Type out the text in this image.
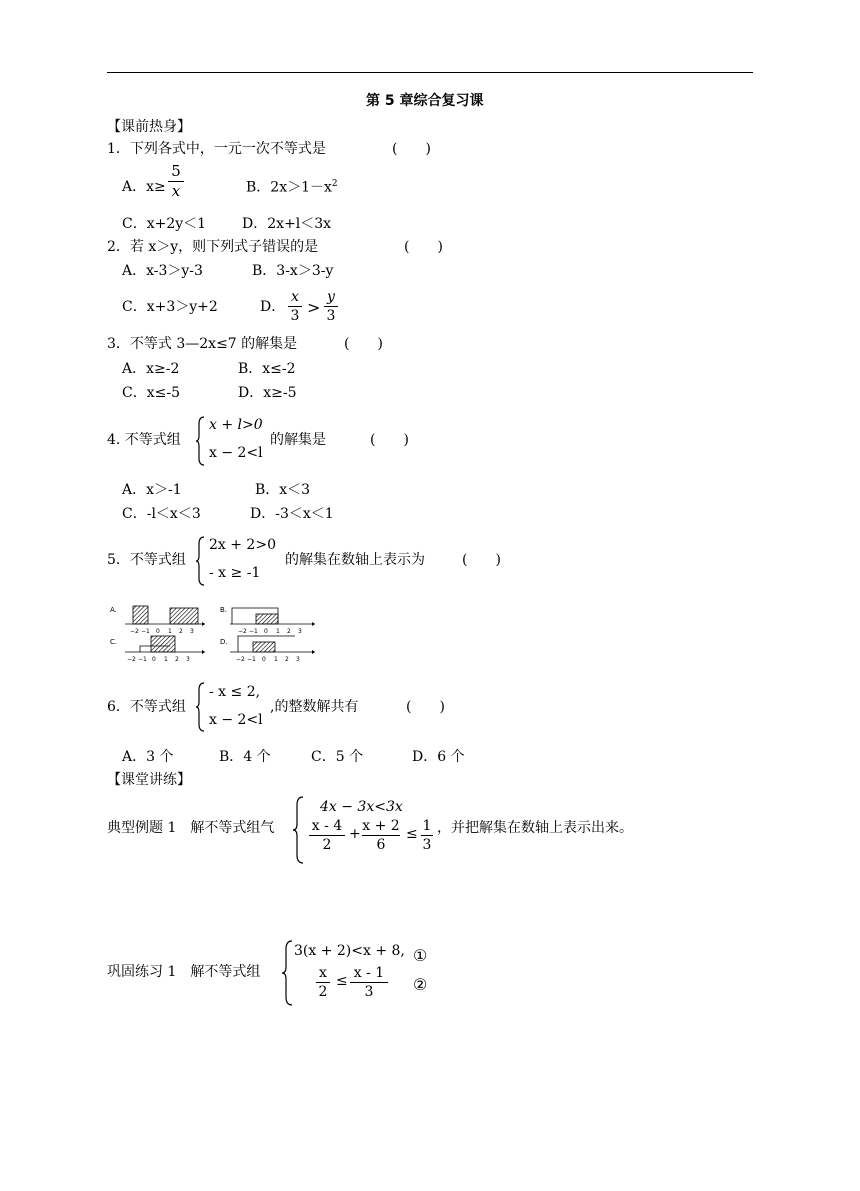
第 5 章综合复习课
【课前热身】
1．下列各式中，一元一次不等式是	(　　)
A．x≥
5
x	B．$2x>1-x^2$
C．x+2y＜1	D．2x+l＜3x
2．若 x＞y，则下列式子错误的是	(　　)
A．x-3＞y-3	B．3-x＞3-y
C．x+3＞y+2	D．
x
3 >
y
3
3．不等式 3—2x≤7 的解集是	(　　)
A．x≥-2	B．x≤-2
C．x≤-5	D．x≥-5
4. 不等式组
x + l>0
x − 2<l
的解集是	(　　)
A．x＞-1	B．x＜3
C．-l＜x＜3	D．-3＜x＜1
5．不等式组
2x + 2>0
- x ≥ -1
的解集在数轴上表示为	(　　)
A.
−2 −1 0 1 2 3
B.
−2 −1 0 1 2 3
C.
−2 −1 0 1 2 3
D.
−2 −1 0 1 2 3
6．不等式组
- x ≤ 2,
x − 2<l
,的整数解共有	(　　)
A．3 个	B．4 个	C．5 个	D．6 个
【课堂讲练】
典型例题 1　解不等式组气
4x − 3x<3x
x - 4
2
+ x + 2
6
≤ 1
3
，并把解集在数轴上表示出来。
巩固练习 1　解不等式组
3(x + 2)<x + 8, ①
x
2
≤ x - 1
3	②
